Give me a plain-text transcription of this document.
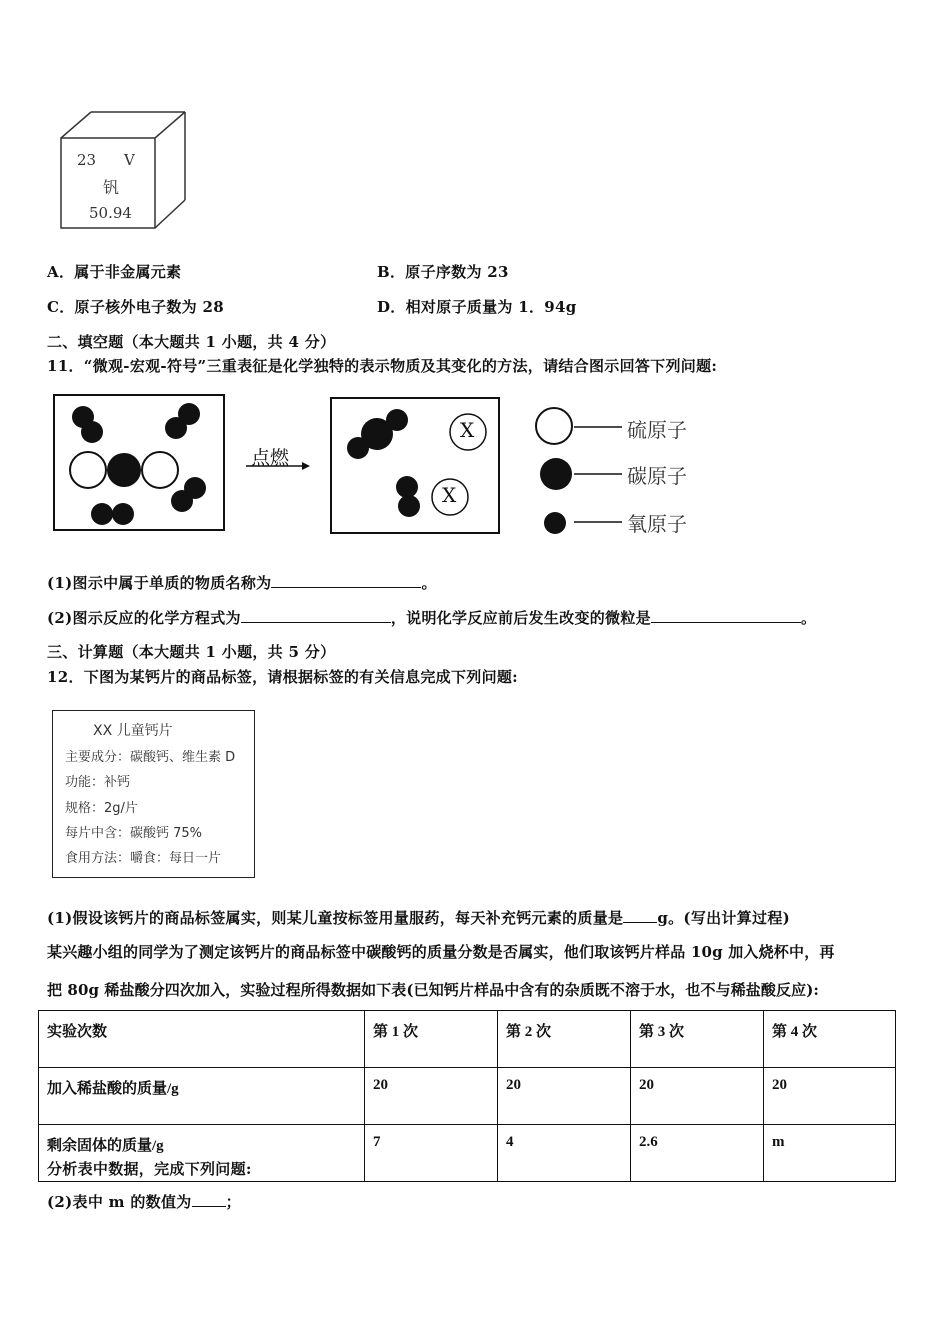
23 V
钒
50.94
A．属于非金属元素	B．原子序数为 23
C．原子核外电子数为 28	D．相对原子质量为 1．94g
二、填空题（本大题共 1 小题，共 4 分）
11．“微观-宏观-符号”三重表征是化学独特的表示物质及其变化的方法，请结合图示回答下列问题:
点燃
X
X
硫原子
碳原子
氧原子
(1)图示中属于单质的物质名称为	。
(2)图示反应的化学方程式为	，说明化学反应前后发生改变的微粒是	。
三、计算题（本大题共 1 小题，共 5 分）
12．下图为某钙片的商品标签，请根据标签的有关信息完成下列问题:
XX 儿童钙片
主要成分：碳酸钙、维生素 D
功能：补钙
规格：2g/片
每片中含：碳酸钙 75%
食用方法：嚼食：每日一片
(1)假设该钙片的商品标签属实，则某儿童按标签用量服药，每天补充钙元素的质量是 g。(写出计算过程)
某兴趣小组的同学为了测定该钙片的商品标签中碳酸钙的质量分数是否属实，他们取该钙片样品 10g 加入烧杯中，再
把 80g 稀盐酸分四次加入，实验过程所得数据如下表(已知钙片样品中含有的杂质既不溶于水，也不与稀盐酸反应):
实验次数	第 1 次	第 2 次	第 3 次	第 4 次
加入稀盐酸的质量/g	20	20	20	20
剩余固体的质量/g	7	4	2.6	m
分析表中数据，完成下列问题:
(2)表中 m 的数值为 ；
